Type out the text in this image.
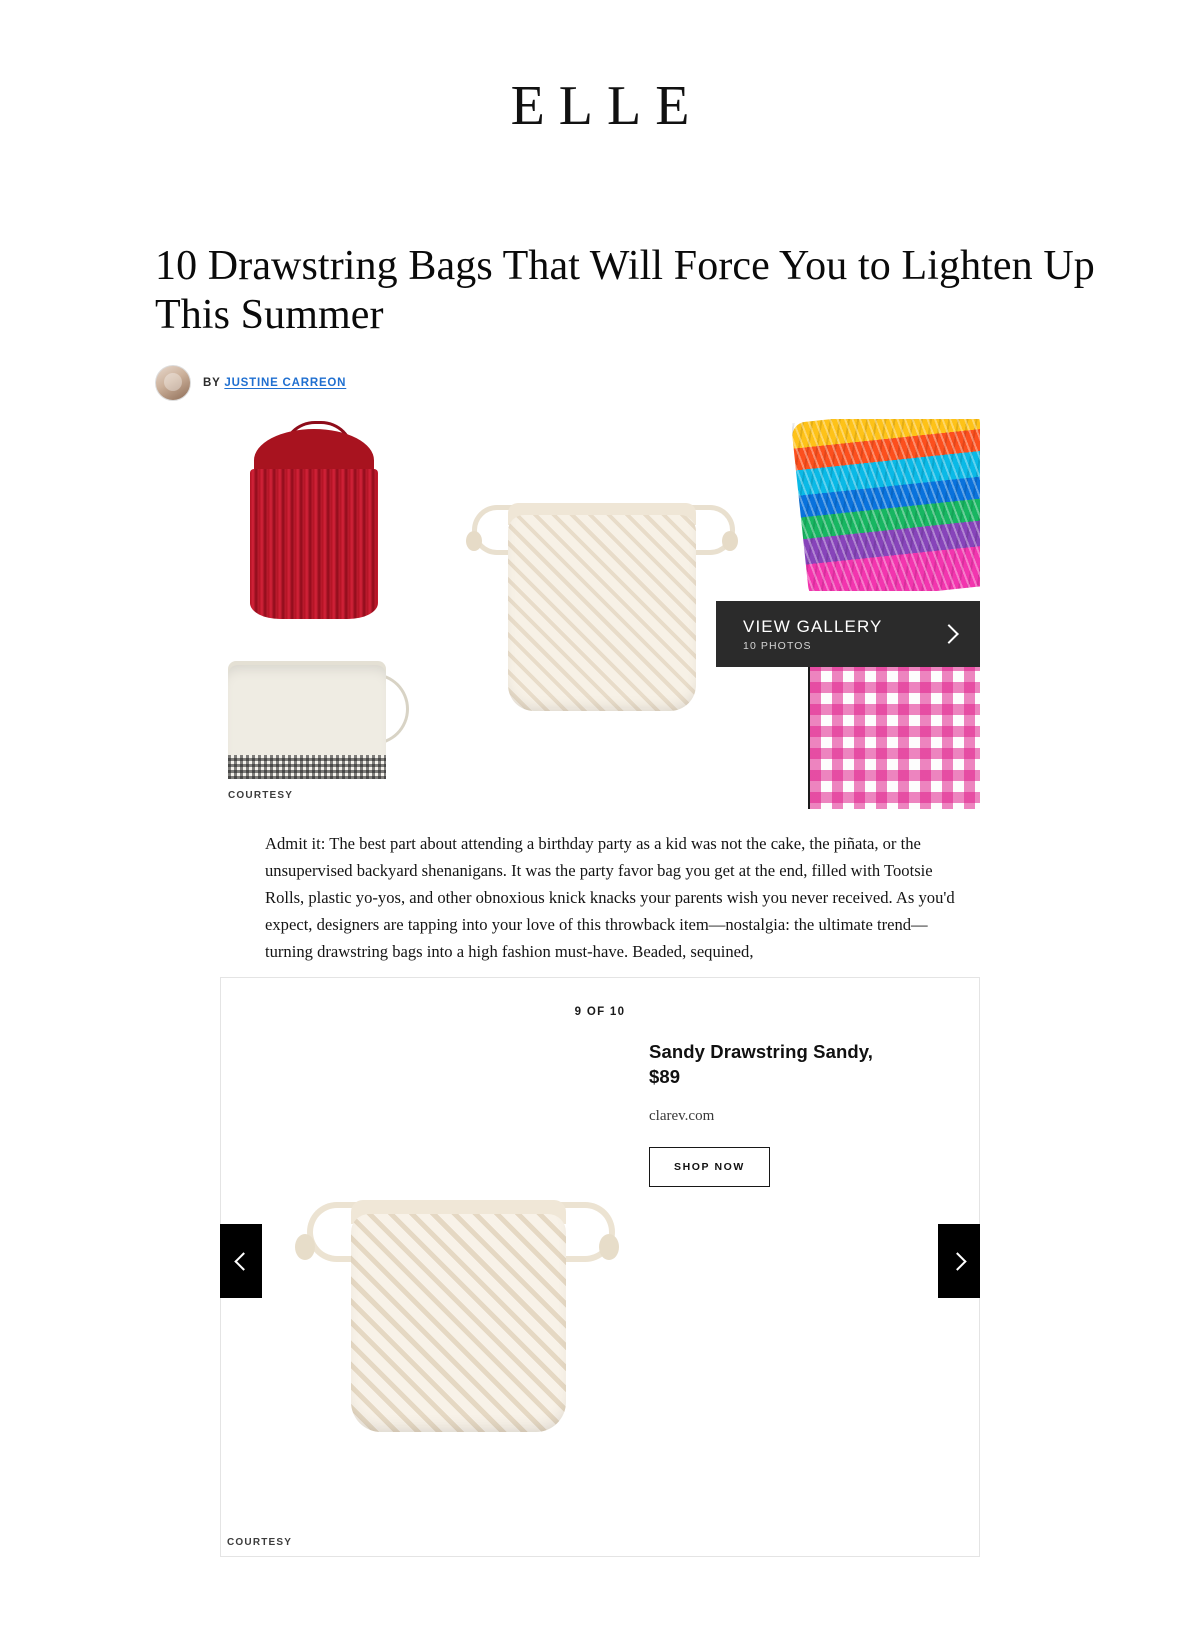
ELLE
10 Drawstring Bags That Will Force You to Lighten Up This Summer
BY JUSTINE CARREON
COURTESY
VIEW GALLERY
10 PHOTOS
Admit it: The best part about attending a birthday party as a kid was not the cake, the piñata, or the unsupervised backyard shenanigans. It was the party favor bag you get at the end, filled with Tootsie Rolls, plastic yo-yos, and other obnoxious knick knacks your parents wish you never received. As you'd expect, designers are tapping into your love of this throwback item—nostalgia: the ultimate trend—turning drawstring bags into a high fashion must-have. Beaded, sequined,
9 OF 10
Sandy Drawstring Sandy, $89
clarev.com
SHOP NOW
COURTESY
